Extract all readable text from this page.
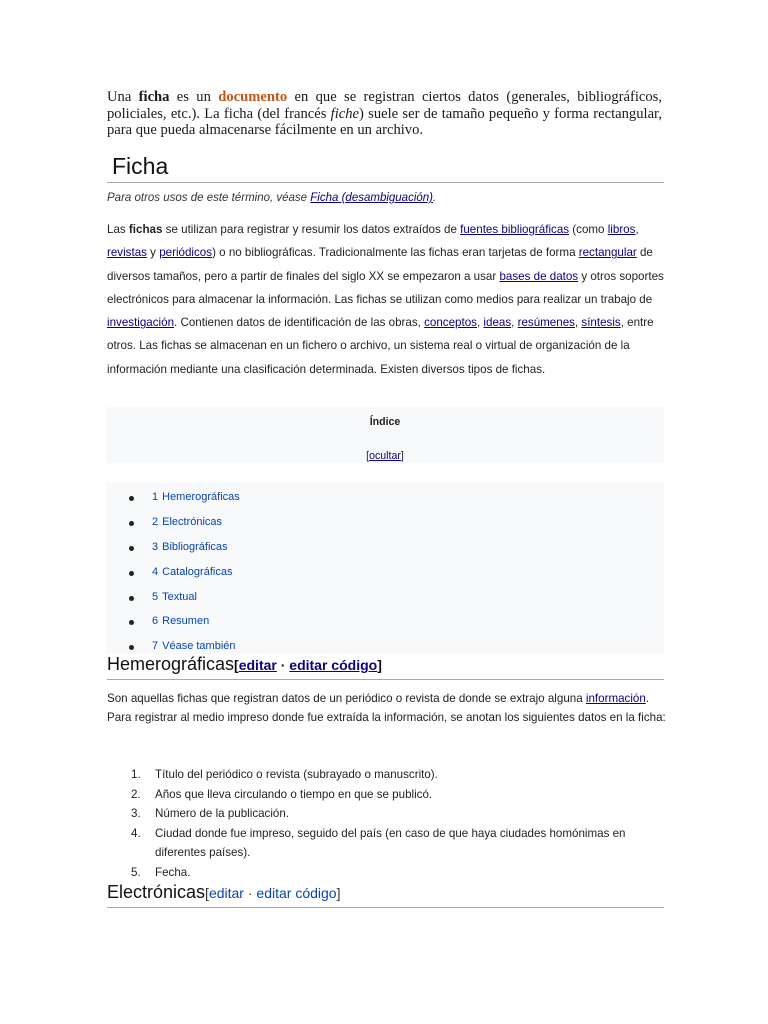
Una ficha es un documento en que se registran ciertos datos (generales, bibliográficos, policiales, etc.). La ficha (del francés fiche) suele ser de tamaño pequeño y forma rectangular, para que pueda almacenarse fácilmente en un archivo.

Ficha
Para otros usos de este término, véase Ficha (desambiguación).

Las fichas se utilizan para registrar y resumir los datos extraídos de fuentes bibliográficas (como libros, revistas y periódicos) o no bibliográficas. Tradicionalmente las fichas eran tarjetas de forma rectangular de diversos tamaños, pero a partir de finales del siglo XX se empezaron a usar bases de datos y otros soportes electrónicos para almacenar la información. Las fichas se utilizan como medios para realizar un trabajo de investigación. Contienen datos de identificación de las obras, conceptos, ideas, resúmenes, síntesis, entre otros. Las fichas se almacenan en un fichero o archivo, un sistema real o virtual de organización de la información mediante una clasificación determinada. Existen diversos tipos de fichas.

Índice
[ocultar]
1 Hemerográficas
2 Electrónicas
3 Bibliográficas
4 Catalográficas
5 Textual
6 Resumen
7 Véase también
Hemerográficas[editar · editar código]

Son aquellas fichas que registran datos de un periódico o revista de donde se extrajo alguna información. Para registrar al medio impreso donde fue extraída la información, se anotan los siguientes datos en la ficha:

1. Título del periódico o revista (subrayado o manuscrito).
2. Años que lleva circulando o tiempo en que se publicó.
3. Número de la publicación.
4. Ciudad donde fue impreso, seguido del país (en caso de que haya ciudades homónimas en diferentes países).
5. Fecha.
Electrónicas[editar · editar código]
